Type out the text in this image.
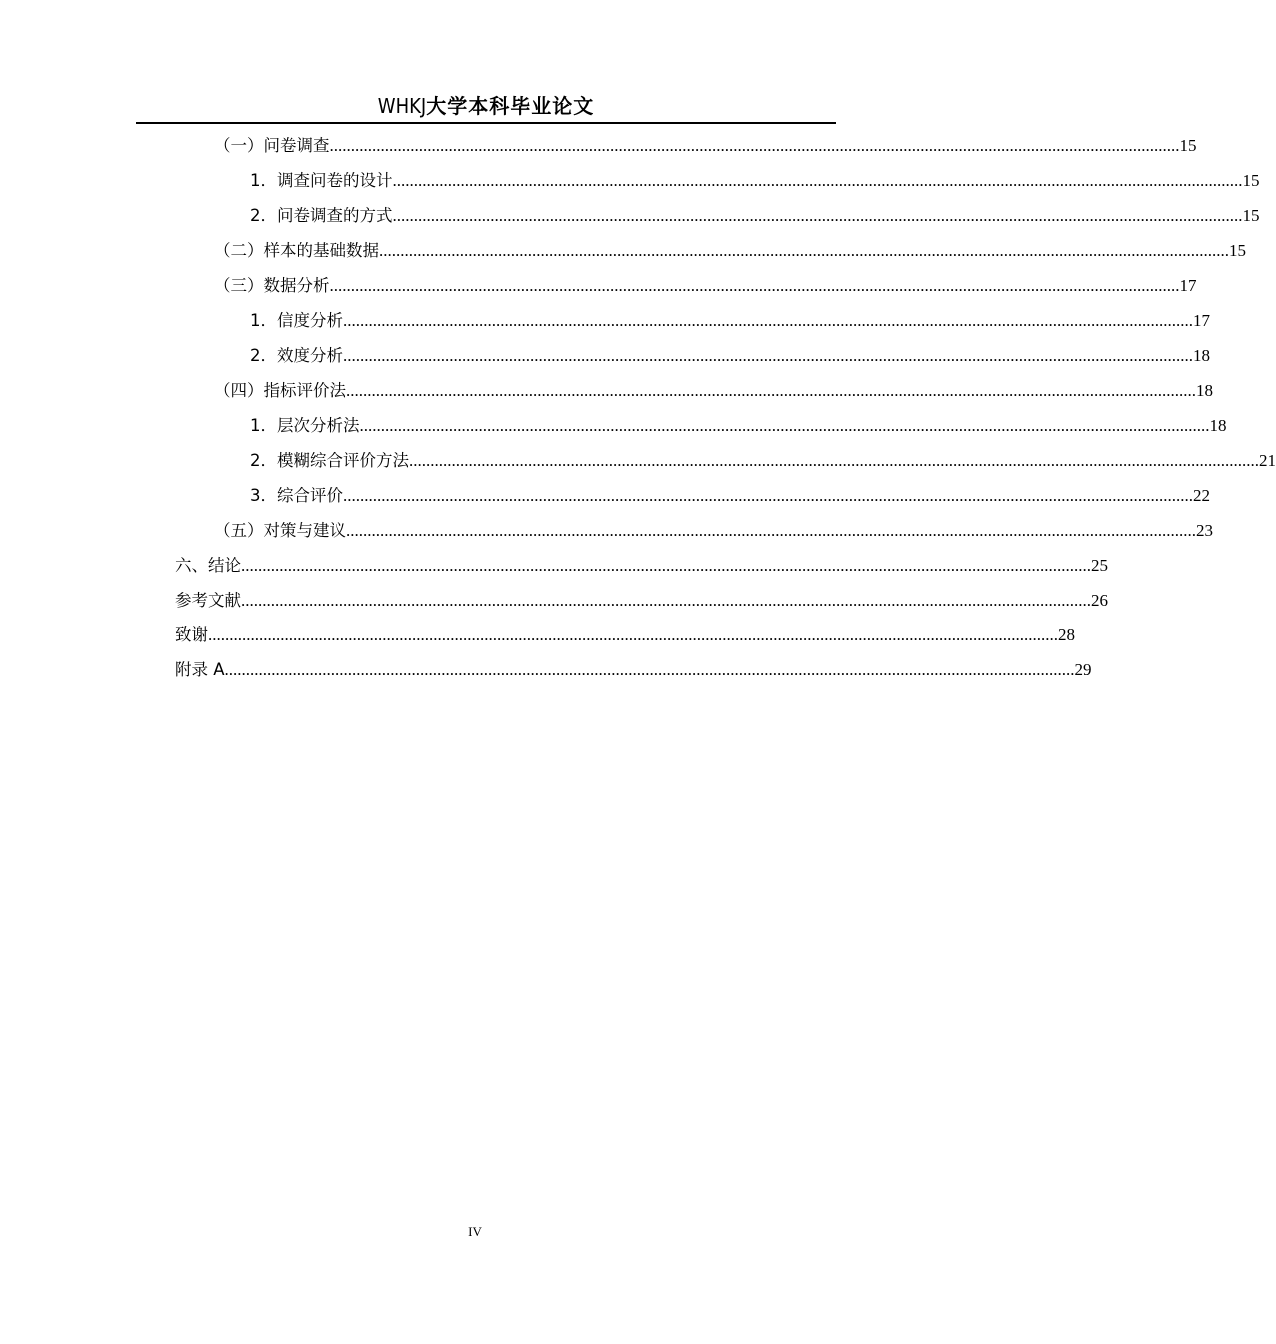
WHKJ大学本科毕业论文
（一）问卷调查 ........................................................................................................................................................................................................ 15
1．调查问卷的设计 ........................................................................................................................................................................................................ 15
2．问卷调查的方式 ........................................................................................................................................................................................................ 15
（二）样本的基础数据 ........................................................................................................................................................................................................ 15
（三）数据分析 ........................................................................................................................................................................................................ 17
1．信度分析 ........................................................................................................................................................................................................ 17
2．效度分析 ........................................................................................................................................................................................................ 18
（四）指标评价法 ........................................................................................................................................................................................................ 18
1．层次分析法 ........................................................................................................................................................................................................ 18
2．模糊综合评价方法 ........................................................................................................................................................................................................ 21
3．综合评价 ........................................................................................................................................................................................................ 22
（五）对策与建议 ........................................................................................................................................................................................................ 23
六、结论 ........................................................................................................................................................................................................ 25
参考文献 ........................................................................................................................................................................................................ 26
致谢 ........................................................................................................................................................................................................ 28
附录 A ........................................................................................................................................................................................................ 29
IV
